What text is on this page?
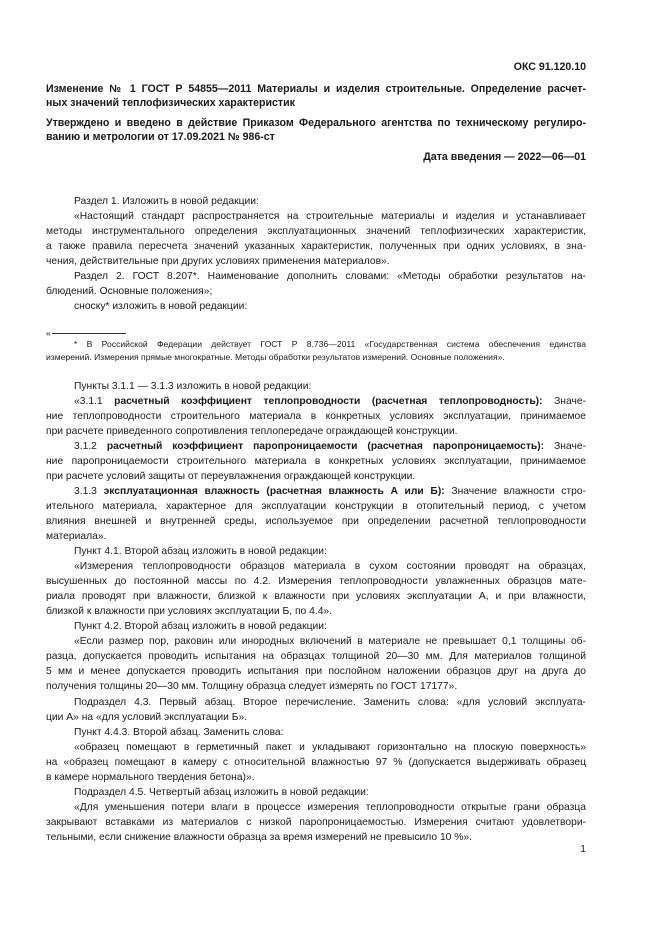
ОКС 91.120.10
Изменение № 1 ГОСТ Р 54855—2011 Материалы и изделия строительные. Определение расчет-
ных значений теплофизических характеристик
Утверждено и введено в действие Приказом Федерального агентства по техническому регулиро-
ванию и метрологии от 17.09.2021 № 986-ст
Дата введения — 2022—06—01
Раздел 1. Изложить в новой редакции:
«Настоящий стандарт распространяется на строительные материалы и изделия и устанавливает
методы инструментального определения эксплуатационных значений теплофизических характеристик,
а также правила пересчета значений указанных характеристик, полученных при одних условиях, в зна-
чения, действительные при других условиях применения материалов».
Раздел 2. ГОСТ 8.207*. Наименование дополнить словами: «Методы обработки результатов на-
блюдений. Основные положения»;
сноску* изложить в новой редакции:
«
* В Российской Федерации действует ГОСТ Р 8.736—2011 «Государственная система обеспечения единства
измерений. Измерения прямые многократные. Методы обработки результатов измерений. Основные положения».
Пункты 3.1.1 — 3.1.3 изложить в новой редакции:
«3.1.1 расчетный коэффициент теплопроводности (расчетная теплопроводность): Значе-
ние теплопроводности строительного материала в конкретных условиях эксплуатации, принимаемое
при расчете приведенного сопротивления теплопередаче ограждающей конструкции.
3.1.2 расчетный коэффициент паропроницаемости (расчетная паропроницаемость): Значе-
ние паропроницаемости строительного материала в конкретных условиях эксплуатации, принимаемое
при расчете условий защиты от переувлажнения ограждающей конструкции.
3.1.3 эксплуатационная влажность (расчетная влажность А или Б): Значение влажности стро-
ительного материала, характерное для эксплуатации конструкции в отопительный период, с учетом
влияния внешней и внутренней среды, используемое при определении расчетной теплопроводности
материала».
Пункт 4.1. Второй абзац изложить в новой редакции:
«Измерения теплопроводности образцов материала в сухом состоянии проводят на образцах,
высушенных до постоянной массы по 4.2. Измерения теплопроводности увлажненных образцов мате-
риала проводят при влажности, близкой к влажности при условиях эксплуатации А, и при влажности,
близкой к влажности при условиях эксплуатации Б, по 4.4».
Пункт 4.2. Второй абзац изложить в новой редакции:
«Если размер пор, раковин или инородных включений в материале не превышает 0,1 толщины об-
разца, допускается проводить испытания на образцах толщиной 20—30 мм. Для материалов толщиной
5 мм и менее допускается проводить испытания при послойном наложении образцов друг на друга до
получения толщины 20—30 мм. Толщину образца следует измерять по ГОСТ 17177».
Подраздел 4.3. Первый абзац. Второе перечисление. Заменить слова: «для условий эксплуата-
ции А» на «для условий эксплуатации Б».
Пункт 4.4.3. Второй абзац. Заменить слова:
«образец помещают в герметичный пакет и укладывают горизонтально на плоскую поверхность»
на «образец помещают в камеру с относительной влажностью 97 % (допускается выдерживать образец
в камере нормального твердения бетона)».
Подраздел 4.5. Четвертый абзац изложить в новой редакции:
«Для уменьшения потери влаги в процессе измерения теплопроводности открытые грани образца
закрывают вставками из материалов с низкой паропроницаемостью. Измерения считают удовлетвори-
тельными, если снижение влажности образца за время измерений не превысило 10 %».
1
